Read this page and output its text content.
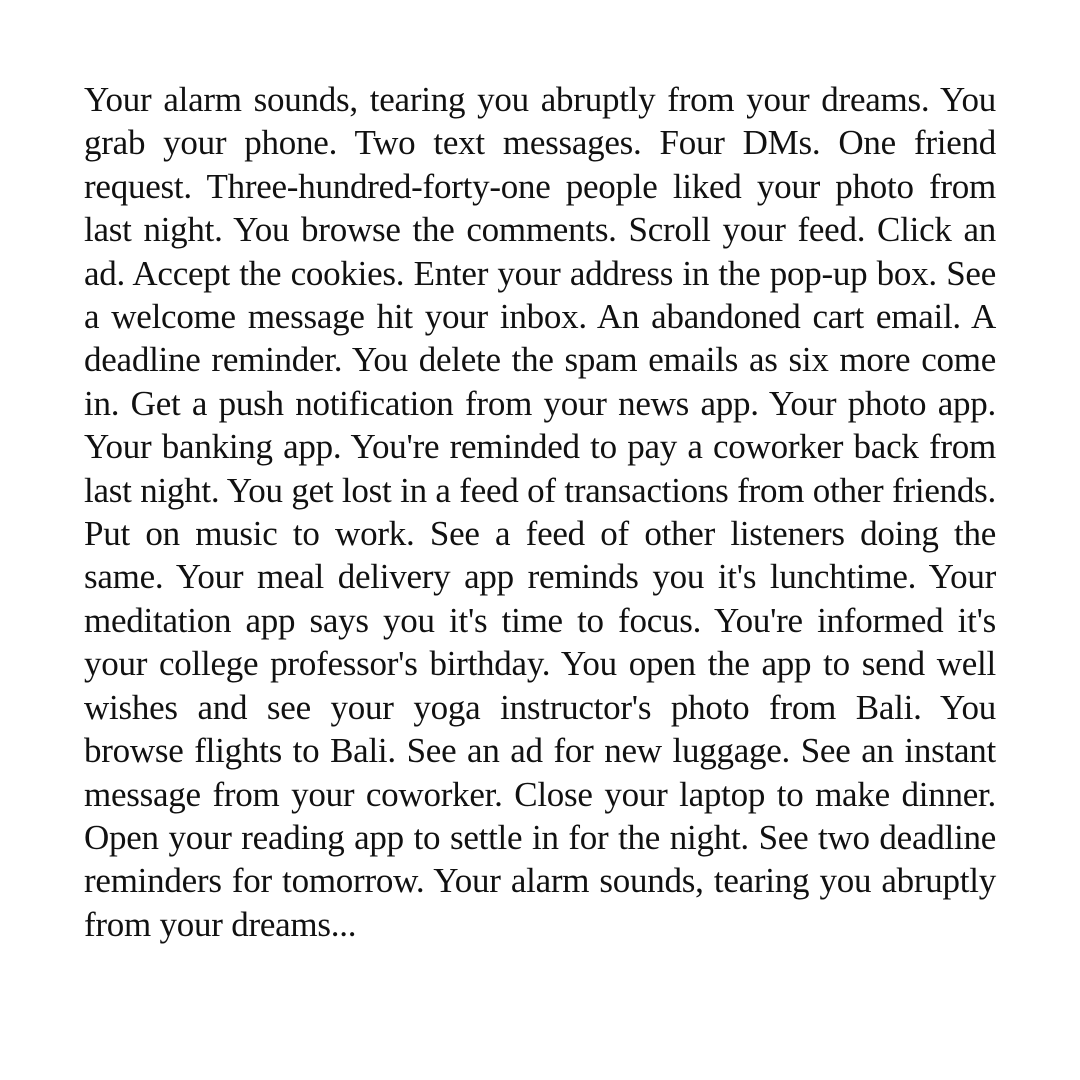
Your alarm sounds, tearing you abruptly from your dreams. You grab your phone. Two text messages. Four DMs. One friend request. Three-hundred-forty-one people liked your photo from last night. You browse the comments. Scroll your feed. Click an ad. Accept the cookies. Enter your address in the pop-up box. See a welcome message hit your inbox. An abandoned cart email. A deadline reminder. You delete the spam emails as six more come in. Get a push notification from your news app. Your photo app. Your banking app. You're reminded to pay a coworker back from last night. You get lost in a feed of transactions from other friends. Put on music to work. See a feed of other listeners doing the same. Your meal delivery app reminds you it's lunchtime. Your meditation app says you it's time to focus. You're informed it's your college professor's birthday. You open the app to send well wishes and see your yoga instructor's photo from Bali. You browse flights to Bali. See an ad for new luggage. See an instant message from your coworker. Close your laptop to make dinner. Open your reading app to settle in for the night. See two deadline reminders for tomorrow. Your alarm sounds, tearing you abruptly from your dreams...
